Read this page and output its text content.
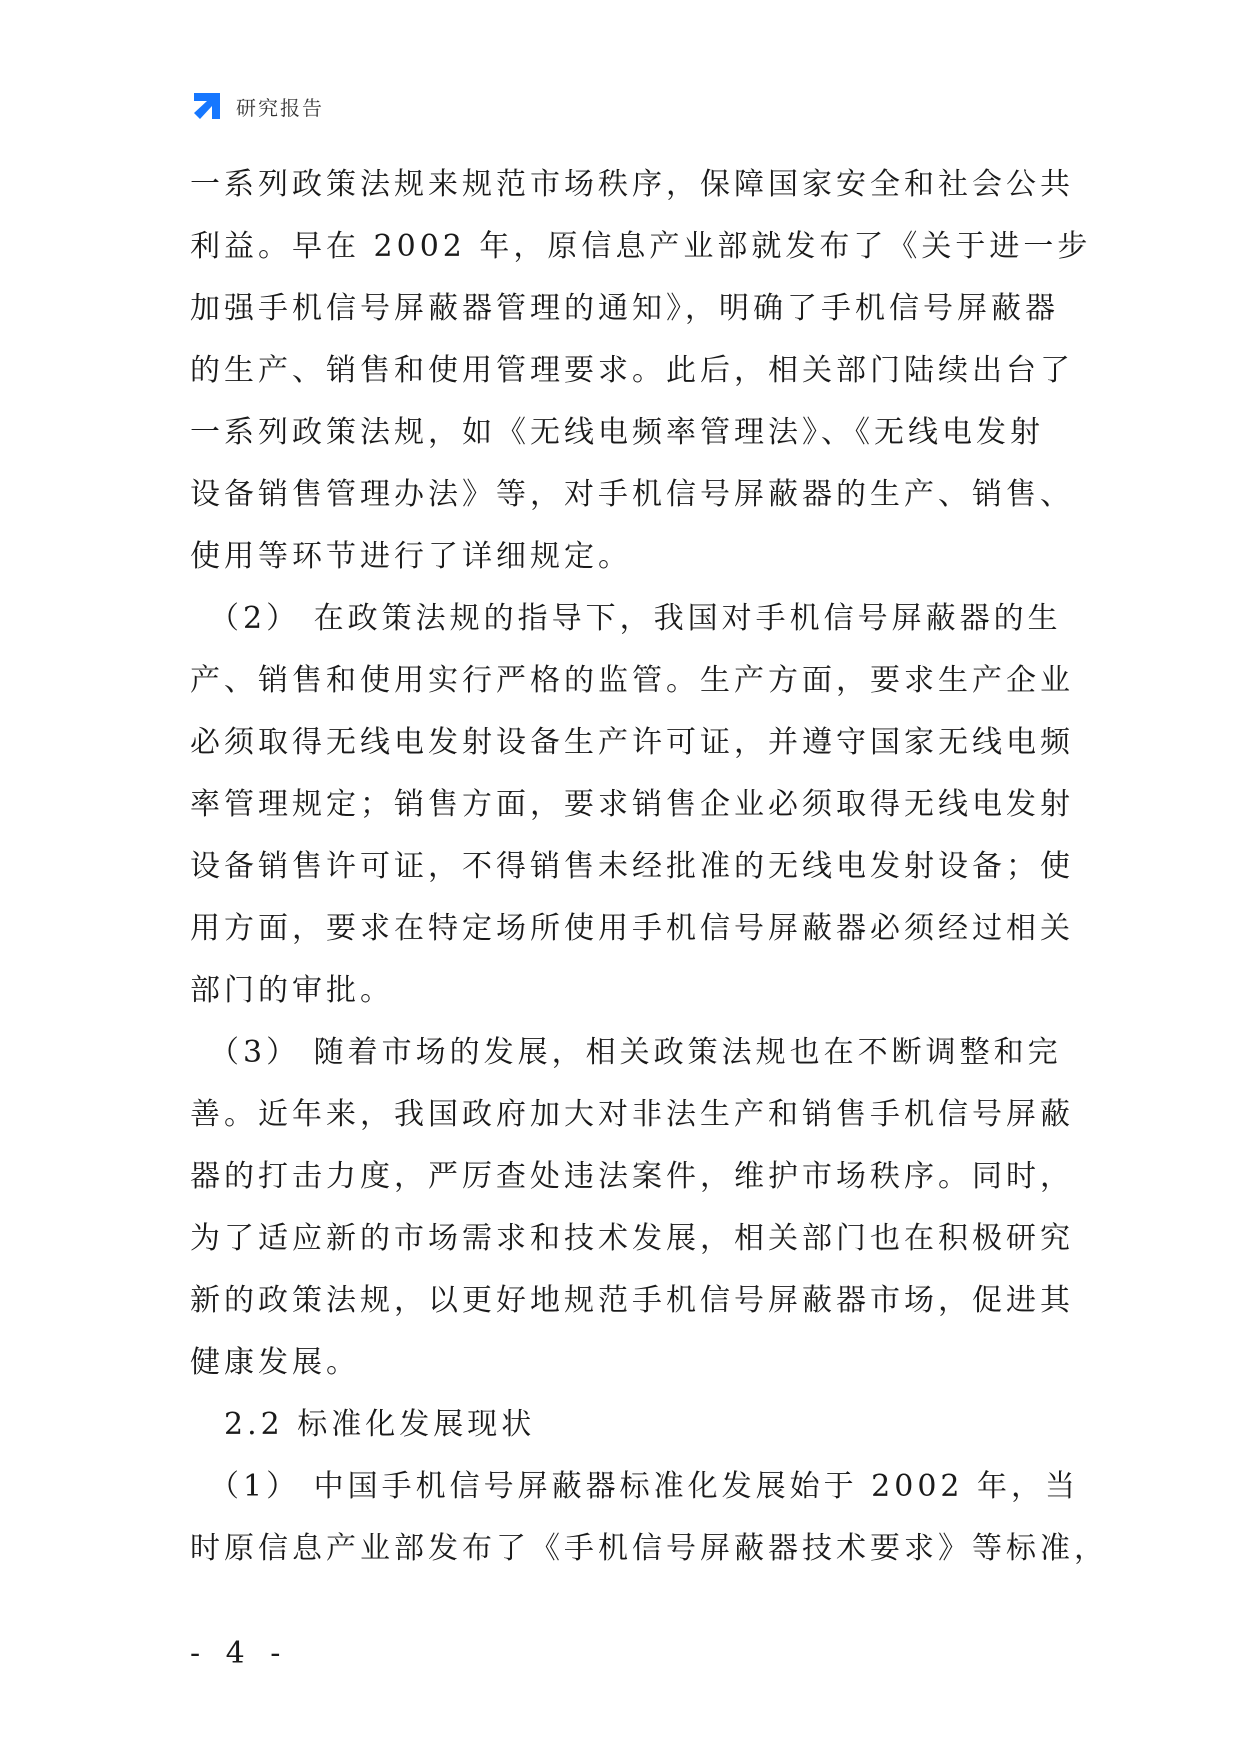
研究报告
一系列政策法规来规范市场秩序，保障国家安全和社会公共
利益。早在 2002 年，原信息产业部就发布了《关于进一步
加强手机信号屏蔽器管理的通知》，明确了手机信号屏蔽器
的生产、销售和使用管理要求。此后，相关部门陆续出台了
一系列政策法规，如《无线电频率管理法》、《无线电发射
设备销售管理办法》等，对手机信号屏蔽器的生产、销售、
使用等环节进行了详细规定。
　（2） 在政策法规的指导下，我国对手机信号屏蔽器的生
产、销售和使用实行严格的监管。生产方面，要求生产企业
必须取得无线电发射设备生产许可证，并遵守国家无线电频
率管理规定；销售方面，要求销售企业必须取得无线电发射
设备销售许可证，不得销售未经批准的无线电发射设备；使
用方面，要求在特定场所使用手机信号屏蔽器必须经过相关
部门的审批。
　（3） 随着市场的发展，相关政策法规也在不断调整和完
善。近年来，我国政府加大对非法生产和销售手机信号屏蔽
器的打击力度，严厉查处违法案件，维护市场秩序。同时，
为了适应新的市场需求和技术发展，相关部门也在积极研究
新的政策法规，以更好地规范手机信号屏蔽器市场，促进其
健康发展。
　2.2 标准化发展现状
　（1） 中国手机信号屏蔽器标准化发展始于 2002 年，当
时原信息产业部发布了《手机信号屏蔽器技术要求》等标准，
- 4 -
